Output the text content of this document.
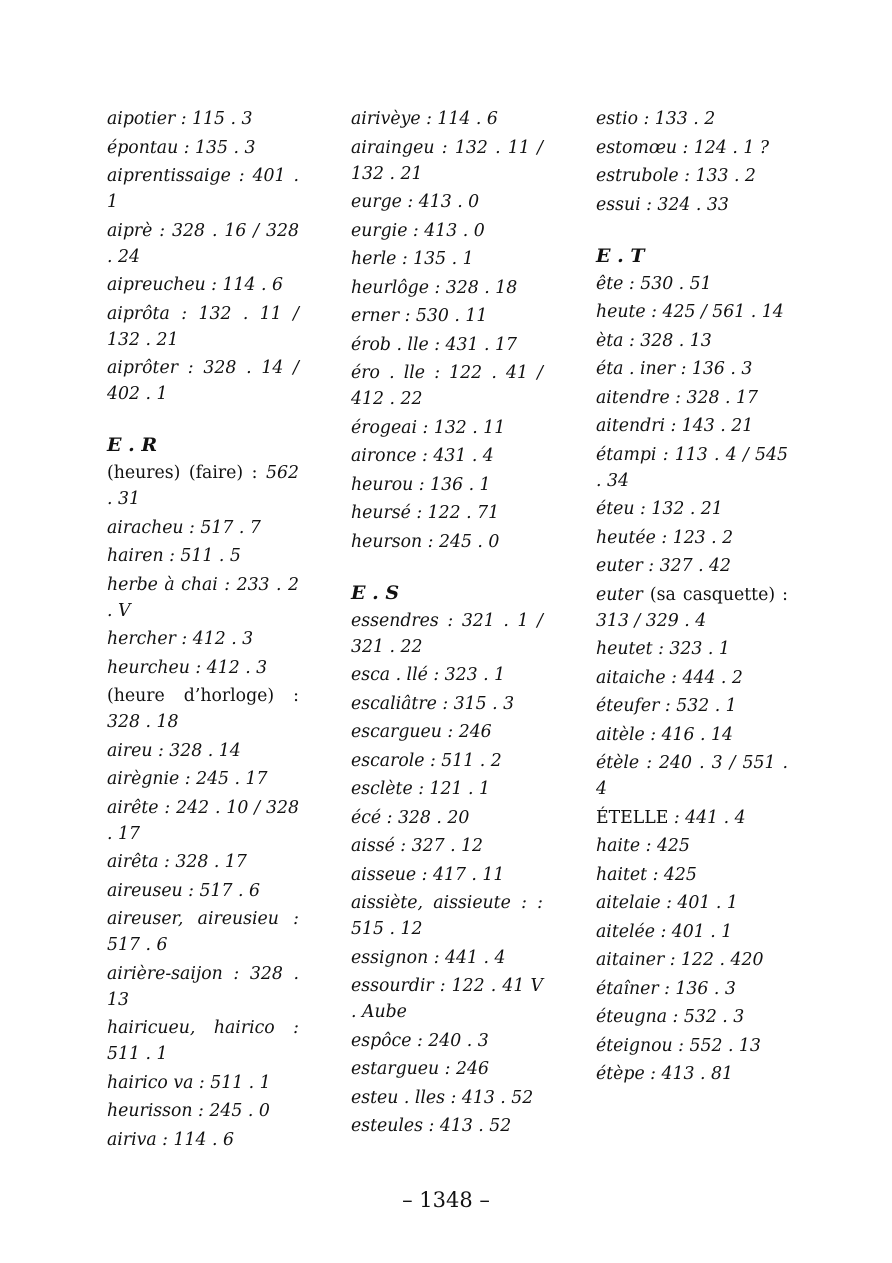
aipotier : 115 . 3
épontau : 135 . 3
aiprentissaige : 401 . 1
aiprè : 328 . 16 / 328 . 24
aipreucheu : 114 . 6
aiprôta : 132 . 11 / 132 . 21
aiprôter : 328 . 14 / 402 . 1
E . R
(heures) (faire) : 562 . 31
airacheu : 517 . 7
hairen : 511 . 5
herbe à chai : 233 . 2 . V
hercher : 412 . 3
heurcheu : 412 . 3
(heure d’horloge) : 328 . 18
aireu : 328 . 14
airègnie : 245 . 17
airête : 242 . 10 / 328 . 17
airêta : 328 . 17
aireuseu : 517 . 6
aireuser, aireusieu : 517 . 6
airière-saijon : 328 . 13
hairicueu, hairico : 511 . 1
hairico va : 511 . 1
heurisson : 245 . 0
airiva : 114 . 6
airivèye : 114 . 6
airaingeu : 132 . 11 / 132 . 21
eurge : 413 . 0
eurgie : 413 . 0
herle : 135 . 1
heurlôge : 328 . 18
erner : 530 . 11
érob . lle : 431 . 17
éro . lle : 122 . 41 / 412 . 22
érogeai : 132 . 11
aironce : 431 . 4
heurou : 136 . 1
heursé : 122 . 71
heurson : 245 . 0
E . S
essendres : 321 . 1 / 321 . 22
esca . llé : 323 . 1
escaliâtre : 315 . 3
escargueu : 246
escarole : 511 . 2
esclète : 121 . 1
écé : 328 . 20
aissé : 327 . 12
aisseue : 417 . 11
aissiète, aissieute : : 515 . 12
essignon : 441 . 4
essourdir : 122 . 41 V . Aube
espôce : 240 . 3
estargueu : 246
esteu . lles : 413 . 52
esteules : 413 . 52
estio : 133 . 2
estomœu : 124 . 1 ?
estrubole : 133 . 2
essui : 324 . 33
E . T
ête : 530 . 51
heute : 425 / 561 . 14
èta : 328 . 13
éta . iner : 136 . 3
aitendre : 328 . 17
aitendri : 143 . 21
étampi : 113 . 4 / 545 . 34
éteu : 132 . 21
heutée : 123 . 2
euter : 327 . 42
euter (sa casquette) : 313 / 329 . 4
heutet : 323 . 1
aitaiche : 444 . 2
éteufer : 532 . 1
aitèle : 416 . 14
étèle : 240 . 3 / 551 . 4
ÉTELLE : 441 . 4
haite : 425
haitet : 425
aitelaie : 401 . 1
aitelée : 401 . 1
aitainer : 122 . 420
étaîner : 136 . 3
éteugna : 532 . 3
éteignou : 552 . 13
étèpe : 413 . 81
– 1348 –
